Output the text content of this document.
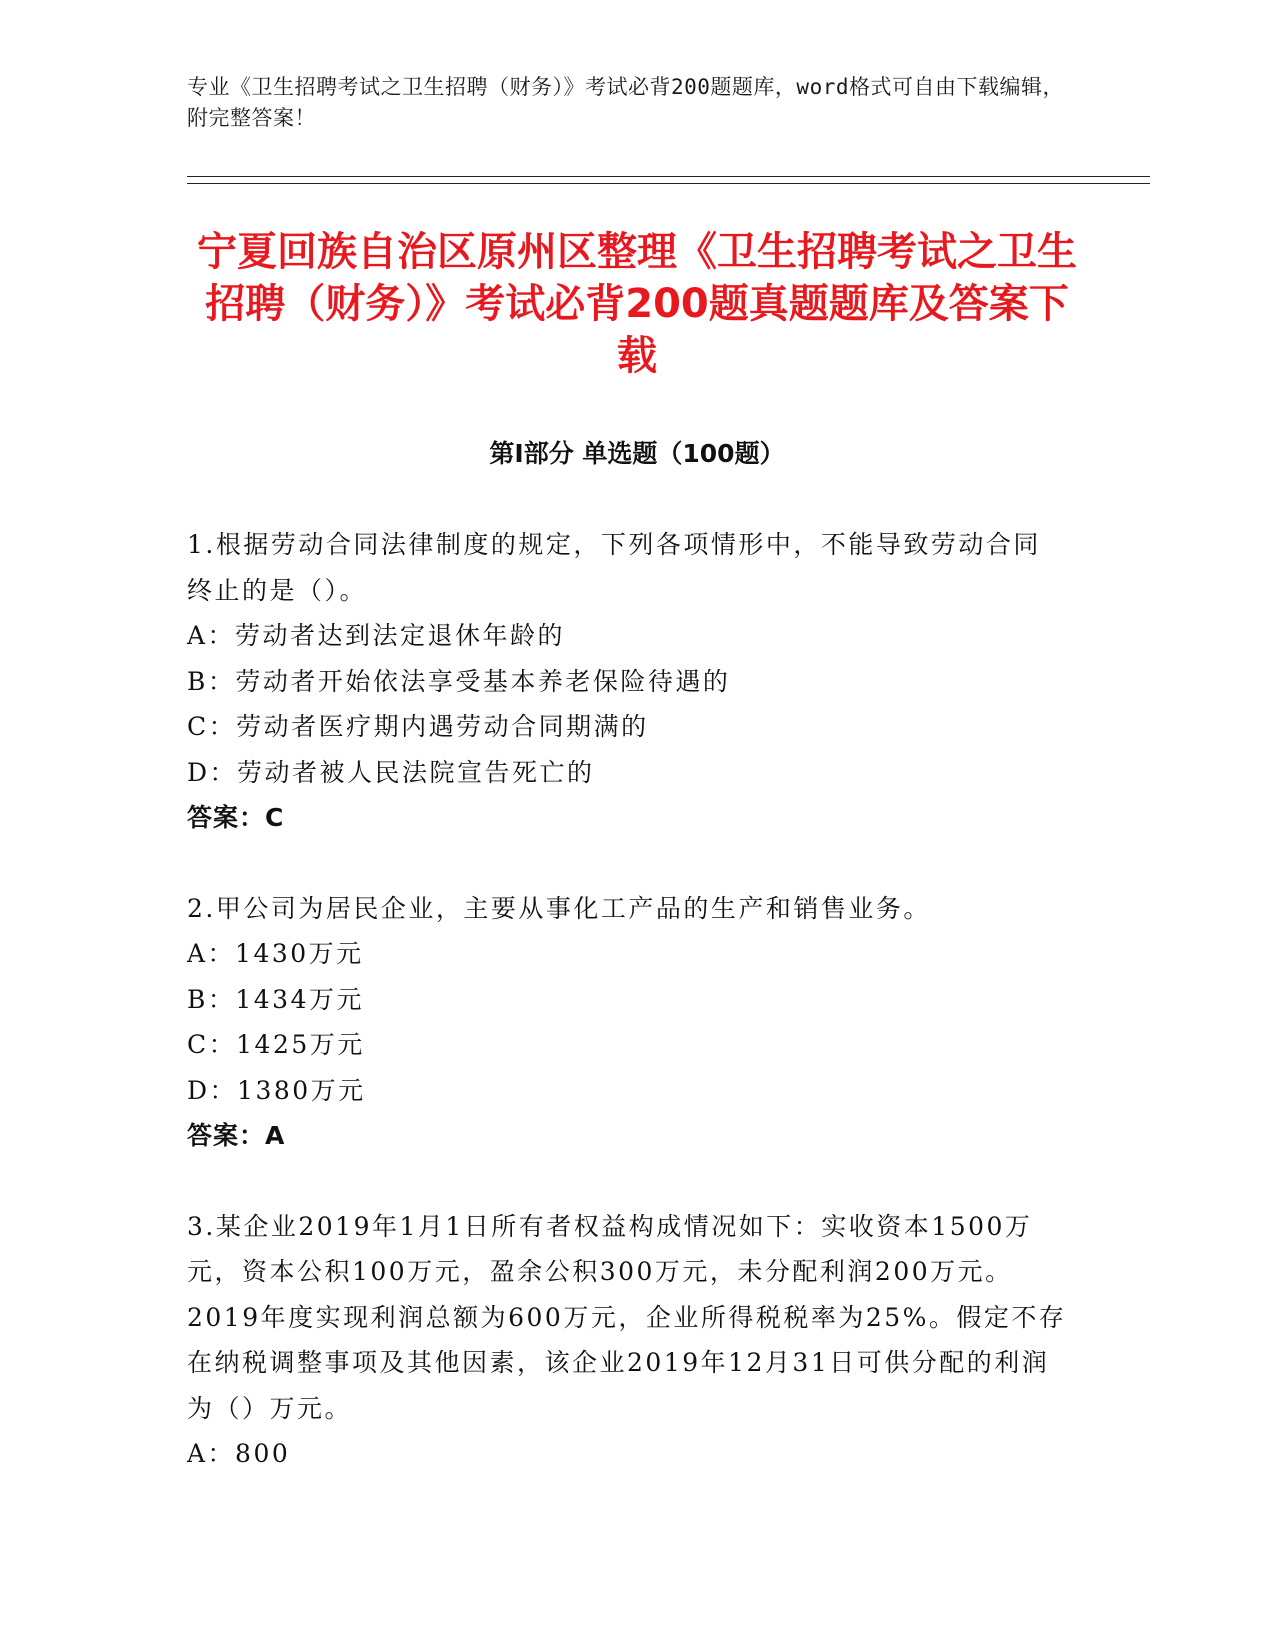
专业《卫生招聘考试之卫生招聘（财务）》考试必背200题题库，word格式可自由下载编辑，附完整答案！
宁夏回族自治区原州区整理《卫生招聘考试之卫生招聘（财务）》考试必背200题真题题库及答案下载
第I部分 单选题（100题）

1.根据劳动合同法律制度的规定，下列各项情形中，不能导致劳动合同终止的是（）。

A：劳动者达到法定退休年龄的

B：劳动者开始依法享受基本养老保险待遇的

C：劳动者医疗期内遇劳动合同期满的

D：劳动者被人民法院宣告死亡的

答案：C

2.甲公司为居民企业，主要从事化工产品的生产和销售业务。

A：1430万元

B：1434万元

C：1425万元

D：1380万元

答案：A

3.某企业2019年1月1日所有者权益构成情况如下：实收资本1500万元，资本公积100万元，盈余公积300万元，未分配利润200万元。2019年度实现利润总额为600万元，企业所得税税率为25%。假定不存在纳税调整事项及其他因素，该企业2019年12月31日可供分配的利润为（）万元。

A：800
